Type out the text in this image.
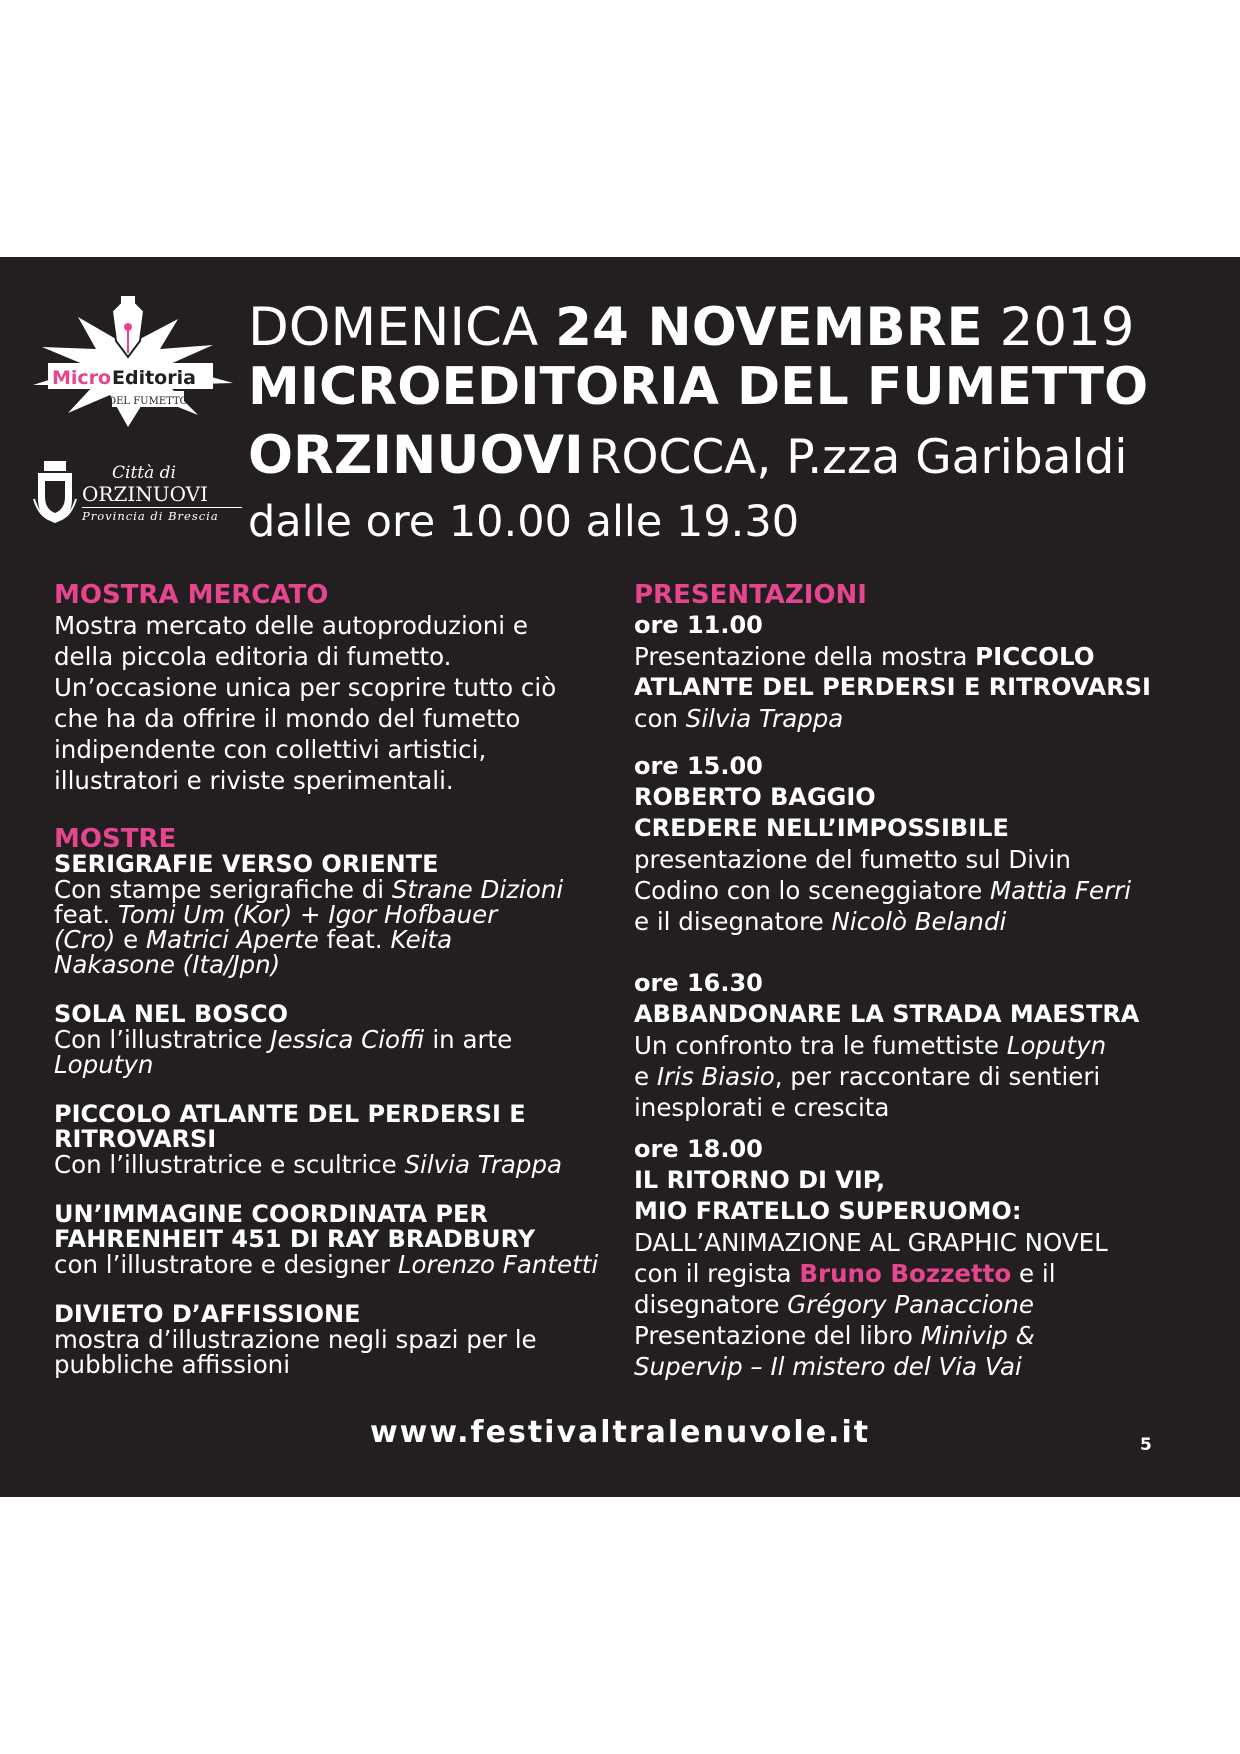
Micro Editoria
DEL FUMETTO
Città di
ORZINUOVI
Provincia di Brescia
DOMENICA 24 NOVEMBRE 2019
MICROEDITORIA DEL FUMETTO
ORZINUOVI ROCCA, P.zza Garibaldi
dalle ore 10.00 alle 19.30
MOSTRA MERCATO
Mostra mercato delle autoproduzioni e
della piccola editoria di fumetto.
Un’occasione unica per scoprire tutto ciò
che ha da offrire il mondo del fumetto
indipendente con collettivi artistici,
illustratori e riviste sperimentali.
MOSTRE
SERIGRAFIE VERSO ORIENTE
Con stampe serigrafiche di Strane Dizioni
feat. Tomi Um (Kor) + Igor Hofbauer
(Cro) e Matrici Aperte feat. Keita
Nakasone (Ita/Jpn)
SOLA NEL BOSCO
Con l’illustratrice Jessica Cioffi in arte
Loputyn
PICCOLO ATLANTE DEL PERDERSI E
RITROVARSI
Con l’illustratrice e scultrice Silvia Trappa
UN’IMMAGINE COORDINATA PER
FAHRENHEIT 451 DI RAY BRADBURY
con l’illustratore e designer Lorenzo Fantetti
DIVIETO D’AFFISSIONE
mostra d’illustrazione negli spazi per le
pubbliche affissioni
PRESENTAZIONI
ore 11.00
Presentazione della mostra PICCOLO
ATLANTE DEL PERDERSI E RITROVARSI
con Silvia Trappa
ore 15.00
ROBERTO BAGGIO
CREDERE NELL’IMPOSSIBILE
presentazione del fumetto sul Divin
Codino con lo sceneggiatore Mattia Ferri
e il disegnatore Nicolò Belandi
ore 16.30
ABBANDONARE LA STRADA MAESTRA
Un confronto tra le fumettiste Loputyn
e Iris Biasio, per raccontare di sentieri
inesplorati e crescita
ore 18.00
IL RITORNO DI VIP,
MIO FRATELLO SUPERUOMO:
DALL’ANIMAZIONE AL GRAPHIC NOVEL
con il regista Bruno Bozzetto e il
disegnatore Grégory Panaccione
Presentazione del libro Minivip &
Supervip – Il mistero del Via Vai
www.festivaltralenuvole.it	5
